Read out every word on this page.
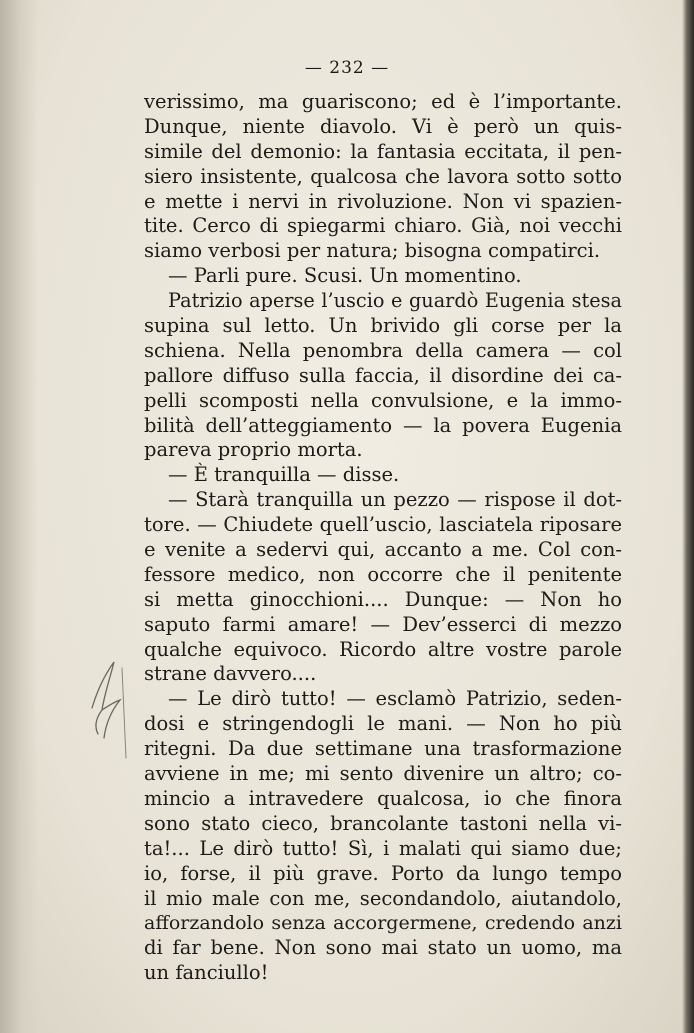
— 232 —
verissimo, ma guariscono; ed è l’importante.
Dunque, niente diavolo. Vi è però un quis-
simile del demonio: la fantasia eccitata, il pen-
siero insistente, qualcosa che lavora sotto sotto
e mette i nervi in rivoluzione. Non vi spazien-
tite. Cerco di spiegarmi chiaro. Già, noi vecchi
siamo verbosi per natura; bisogna compatirci.
— Parli pure. Scusi. Un momentino.
Patrizio aperse l’uscio e guardò Eugenia stesa
supina sul letto. Un brivido gli corse per la
schiena. Nella penombra della camera — col
pallore diffuso sulla faccia, il disordine dei ca-
pelli scomposti nella convulsione, e la immo-
bilità dell’atteggiamento — la povera Eugenia
pareva proprio morta.
— È tranquilla — disse.
— Starà tranquilla un pezzo — rispose il dot-
tore. — Chiudete quell’uscio, lasciatela riposare
e venite a sedervi qui, accanto a me. Col con-
fessore medico, non occorre che il penitente
si metta ginocchioni.... Dunque: — Non ho
saputo farmi amare! — Dev’esserci di mezzo
qualche equivoco. Ricordo altre vostre parole
strane davvero....
— Le dirò tutto! — esclamò Patrizio, seden-
dosi e stringendogli le mani. — Non ho più
ritegni. Da due settimane una trasformazione
avviene in me; mi sento divenire un altro; co-
mincio a intravedere qualcosa, io che finora
sono stato cieco, brancolante tastoni nella vi-
ta!... Le dirò tutto! Sì, i malati qui siamo due;
io, forse, il più grave. Porto da lungo tempo
il mio male con me, secondandolo, aiutandolo,
afforzandolo senza accorgermene, credendo anzi
di far bene. Non sono mai stato un uomo, ma
un fanciullo!
